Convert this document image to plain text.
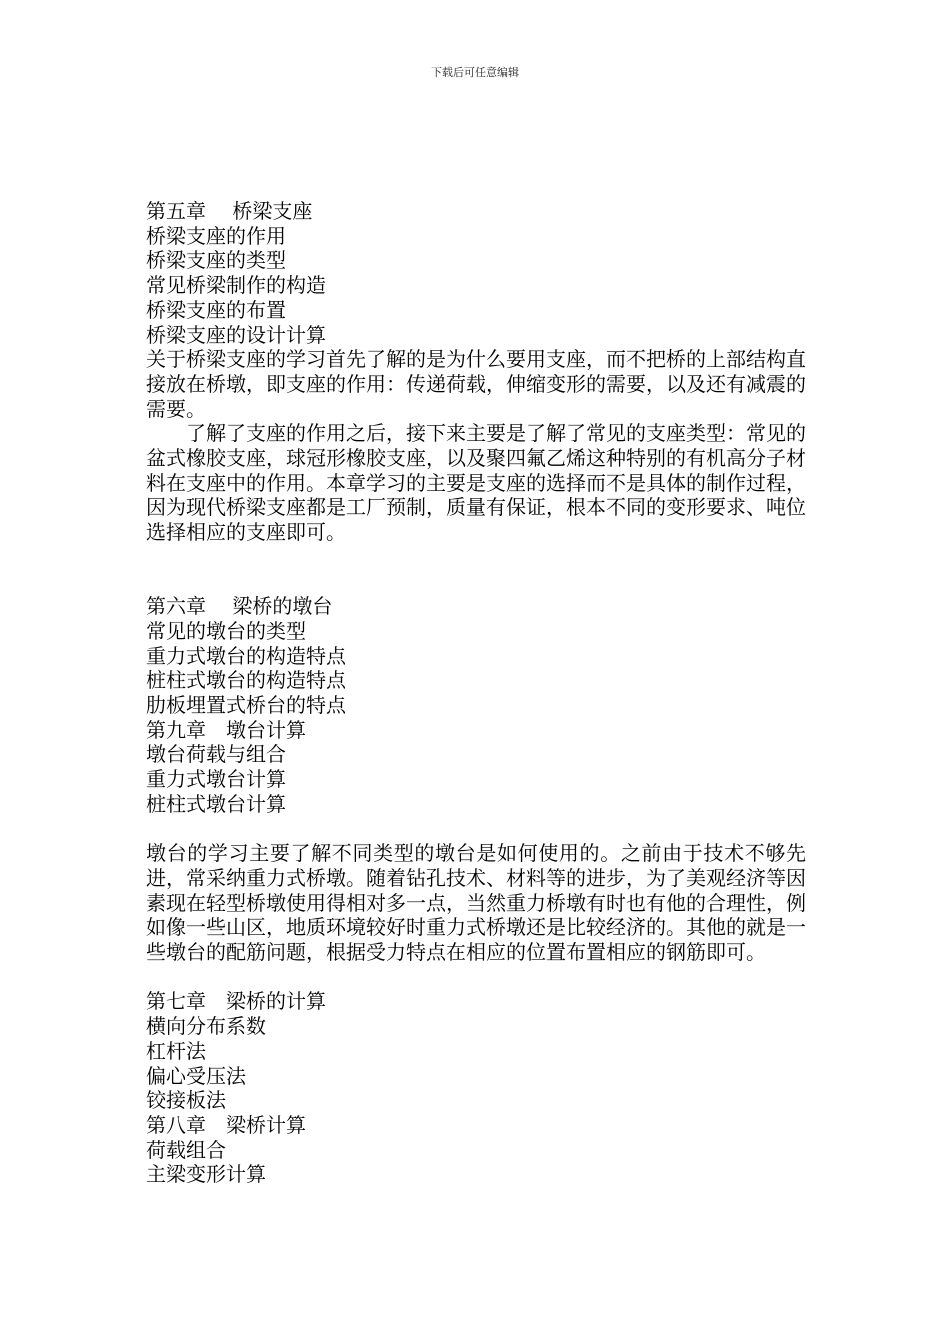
下载后可任意编辑
第五章　 桥梁支座
桥梁支座的作用
桥梁支座的类型
常见桥梁制作的构造
桥梁支座的布置
桥梁支座的设计计算
关于桥梁支座的学习首先了解的是为什么要用支座，而不把桥的上部结构直接放在桥墩，即支座的作用：传递荷载，伸缩变形的需要，以及还有减震的需要。
了解了支座的作用之后，接下来主要是了解了常见的支座类型：常见的盆式橡胶支座，球冠形橡胶支座，以及聚四氟乙烯这种特别的有机高分子材料在支座中的作用。本章学习的主要是支座的选择而不是具体的制作过程，因为现代桥梁支座都是工厂预制，质量有保证，根本不同的变形要求、吨位选择相应的支座即可。
第六章　 梁桥的墩台
常见的墩台的类型
重力式墩台的构造特点
桩柱式墩台的构造特点
肋板埋置式桥台的特点
第九章　墩台计算
墩台荷载与组合
重力式墩台计算
桩柱式墩台计算
墩台的学习主要了解不同类型的墩台是如何使用的。之前由于技术不够先进，常采纳重力式桥墩。随着钻孔技术、材料等的进步，为了美观经济等因素现在轻型桥墩使用得相对多一点，当然重力桥墩有时也有他的合理性，例如像一些山区，地质环境较好时重力式桥墩还是比较经济的。其他的就是一些墩台的配筋问题，根据受力特点在相应的位置布置相应的钢筋即可。
第七章　梁桥的计算
横向分布系数
杠杆法
偏心受压法
铰接板法
第八章　梁桥计算
荷载组合
主梁变形计算
